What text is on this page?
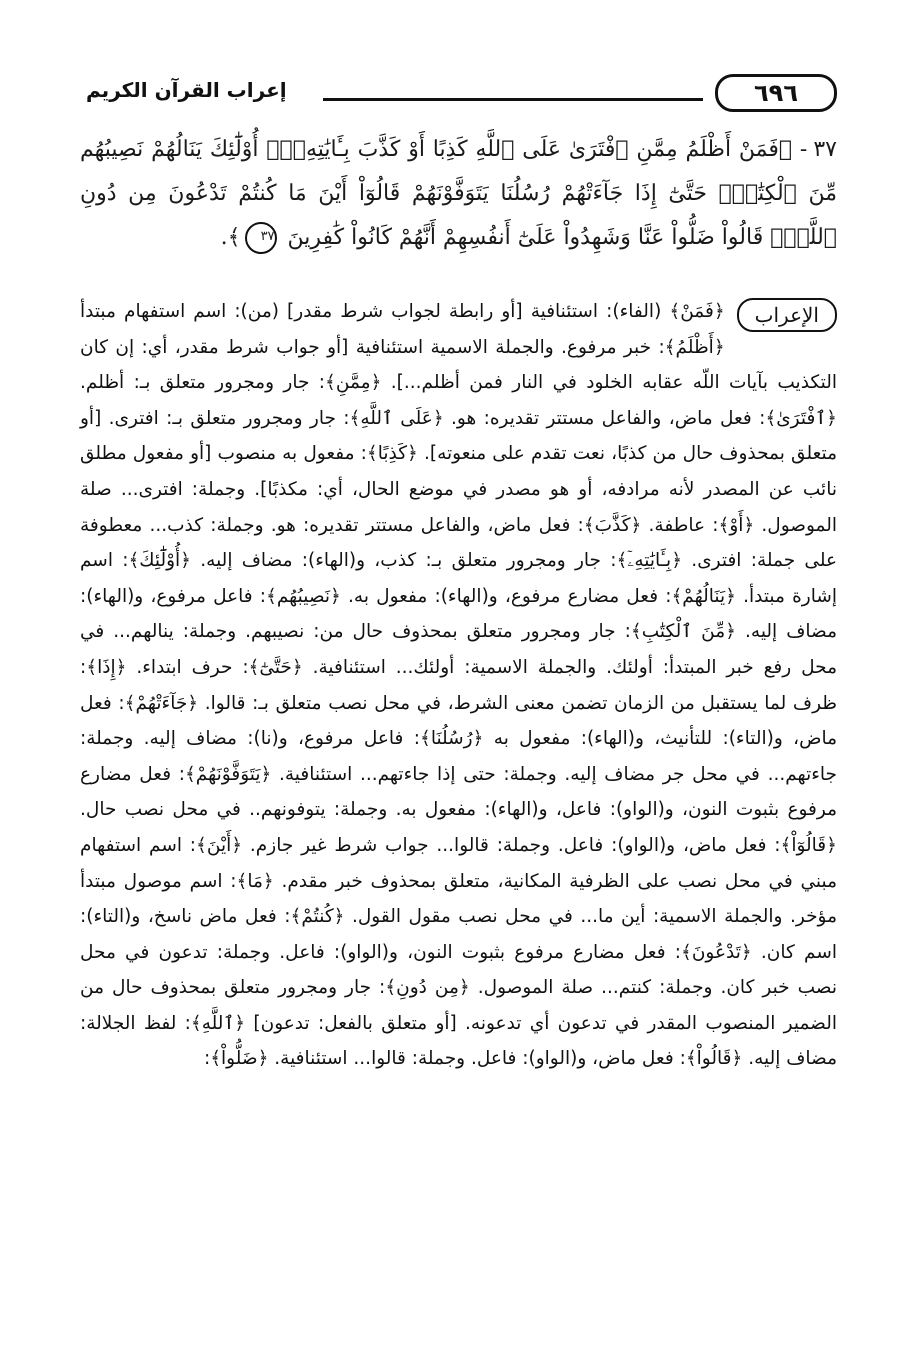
٦٩٦
إعراب القرآن الكريم
٣٧- ﴿فَمَنْ أَظْلَمُ مِمَّنِ ٱفْتَرَىٰ عَلَى ٱللَّهِ كَذِبًا أَوْ كَذَّبَ بِـَٔايَٰتِهِۦٓۚ أُوْلَٰٓئِكَ يَنَالُهُمْ نَصِيبُهُم مِّنَ ٱلْكِتَٰبِۖ حَتَّىٰٓ إِذَا جَآءَتْهُمْ رُسُلُنَا يَتَوَفَّوْنَهُمْ قَالُوٓاْ أَيْنَ مَا كُنتُمْ تَدْعُونَ مِن دُونِ ٱللَّهِۖ قَالُواْ ضَلُّواْ عَنَّا وَشَهِدُواْ عَلَىٰٓ أَنفُسِهِمْ أَنَّهُمْ كَانُواْ كَٰفِرِينَ ٣٧﴾.
الإعراب

﴿فَمَنْ﴾ (الفاء): استئنافية [أو رابطة لجواب شرط مقدر] (من): اسم استفهام مبتدأ ﴿أَظْلَمُ﴾: خبر مرفوع. والجملة الاسمية استئنافية [أو جواب شرط مقدر، أي: إن كان التكذيب بآيات اللّه عقابه الخلود في النار فمن أظلم...]. ﴿مِمَّنِ﴾: جار ومجرور متعلق بـ: أظلم. ﴿ٱفْتَرَىٰ﴾: فعل ماض، والفاعل مستتر تقديره: هو. ﴿عَلَى ٱللَّهِ﴾: جار ومجرور متعلق بـ: افترى. [أو متعلق بمحذوف حال من كذبًا، نعت تقدم على منعوته]. ﴿كَذِبًا﴾: مفعول به منصوب [أو مفعول مطلق نائب عن المصدر لأنه مرادفه، أو هو مصدر في موضع الحال، أي: مكذبًا]. وجملة: افترى... صلة الموصول. ﴿أَوْ﴾: عاطفة. ﴿كَذَّبَ﴾: فعل ماض، والفاعل مستتر تقديره: هو. وجملة: كذب... معطوفة على جملة: افترى. ﴿بِـَٔايَٰتِهِۦٓ﴾: جار ومجرور متعلق بـ: كذب، و(الهاء): مضاف إليه. ﴿أُوْلَٰٓئِكَ﴾: اسم إشارة مبتدأ. ﴿يَنَالُهُمْ﴾: فعل مضارع مرفوع، و(الهاء): مفعول به. ﴿نَصِيبُهُم﴾: فاعل مرفوع، و(الهاء): مضاف إليه. ﴿مِّنَ ٱلْكِتَٰبِ﴾: جار ومجرور متعلق بمحذوف حال من: نصيبهم. وجملة: ينالهم... في محل رفع خبر المبتدأ: أولئك. والجملة الاسمية: أولئك... استئنافية. ﴿حَتَّىٰٓ﴾: حرف ابتداء. ﴿إِذَا﴾: ظرف لما يستقبل من الزمان تضمن معنى الشرط، في محل نصب متعلق بـ: قالوا. ﴿جَآءَتْهُمْ﴾: فعل ماض، و(التاء): للتأنيث، و(الهاء): مفعول به ﴿رُسُلُنَا﴾: فاعل مرفوع، و(نا): مضاف إليه. وجملة: جاءتهم... في محل جر مضاف إليه. وجملة: حتى إذا جاءتهم... استئنافية. ﴿يَتَوَفَّوْنَهُمْ﴾: فعل مضارع مرفوع بثبوت النون، و(الواو): فاعل، و(الهاء): مفعول به. وجملة: يتوفونهم.. في محل نصب حال. ﴿قَالُوٓاْ﴾: فعل ماض، و(الواو): فاعل. وجملة: قالوا... جواب شرط غير جازم. ﴿أَيْنَ﴾: اسم استفهام مبني في محل نصب على الظرفية المكانية، متعلق بمحذوف خبر مقدم. ﴿مَا﴾: اسم موصول مبتدأ مؤخر. والجملة الاسمية: أين ما... في محل نصب مقول القول. ﴿كُنتُمْ﴾: فعل ماض ناسخ، و(التاء): اسم كان. ﴿تَدْعُونَ﴾: فعل مضارع مرفوع بثبوت النون، و(الواو): فاعل. وجملة: تدعون في محل نصب خبر كان. وجملة: كنتم... صلة الموصول. ﴿مِن دُونِ﴾: جار ومجرور متعلق بمحذوف حال من الضمير المنصوب المقدر في تدعون أي تدعونه. [أو متعلق بالفعل: تدعون] ﴿ٱللَّهِ﴾: لفظ الجلالة: مضاف إليه. ﴿قَالُواْ﴾: فعل ماض، و(الواو): فاعل. وجملة: قالوا... استئنافية. ﴿ضَلُّواْ﴾:
